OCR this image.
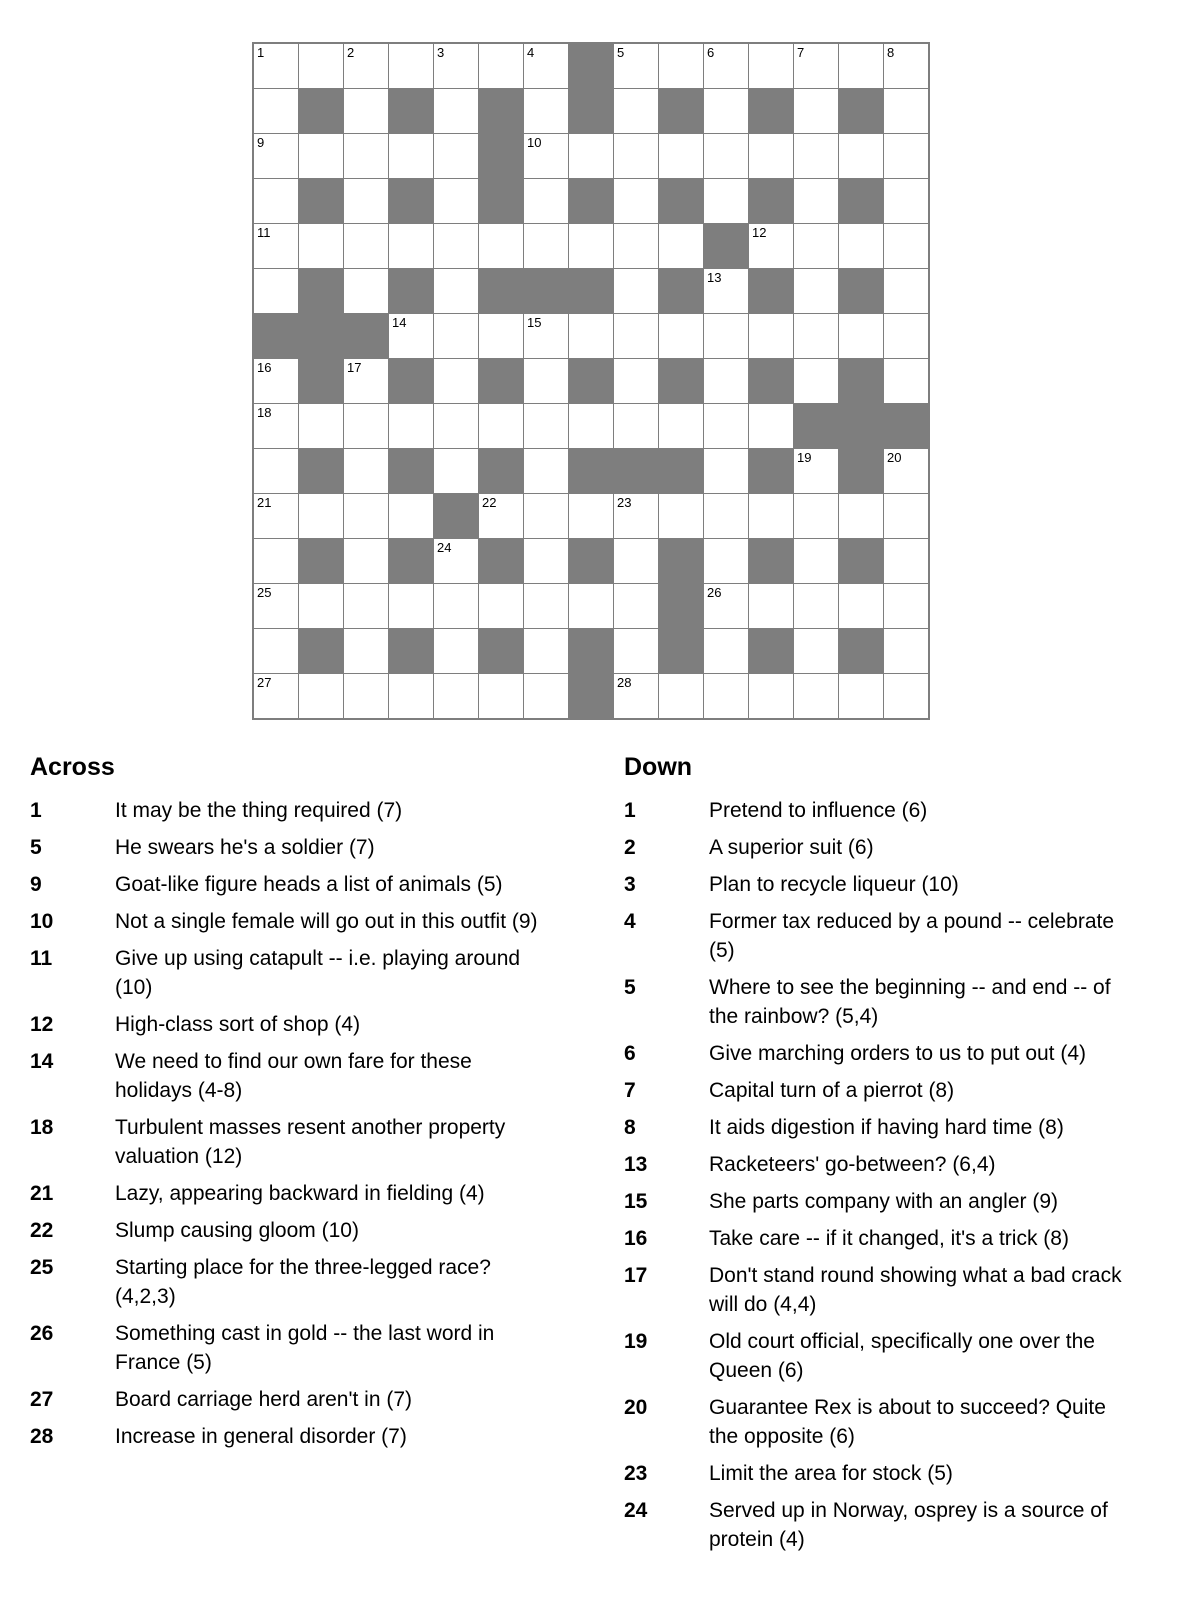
1	2	3	4	5	6	7	8
9	10
11	12
13
14	15
16	17
18
19	20
21	22	23
24
25	26
27	28
Across
1	It may be the thing required (7)
5	He swears he's a soldier (7)
9	Goat-like figure heads a list of animals (5)
10	Not a single female will go out in this outfit (9)
11	Give up using catapult -- i.e. playing around (10)
12	High-class sort of shop (4)
14	We need to find our own fare for these holidays (4-8)
18	Turbulent masses resent another property valuation (12)
21	Lazy, appearing backward in fielding (4)
22	Slump causing gloom (10)
25	Starting place for the three-legged race? (4,2,3)
26	Something cast in gold -- the last word in France (5)
27	Board carriage herd aren't in (7)
28	Increase in general disorder (7)
Down
1	Pretend to influence (6)
2	A superior suit (6)
3	Plan to recycle liqueur (10)
4	Former tax reduced by a pound -- celebrate (5)
5	Where to see the beginning -- and end -- of the rainbow? (5,4)
6	Give marching orders to us to put out (4)
7	Capital turn of a pierrot (8)
8	It aids digestion if having hard time (8)
13	Racketeers' go-between? (6,4)
15	She parts company with an angler (9)
16	Take care -- if it changed, it's a trick (8)
17	Don't stand round showing what a bad crack will do (4,4)
19	Old court official, specifically one over the Queen (6)
20	Guarantee Rex is about to succeed? Quite the opposite (6)
23	Limit the area for stock (5)
24	Served up in Norway, osprey is a source of protein (4)
